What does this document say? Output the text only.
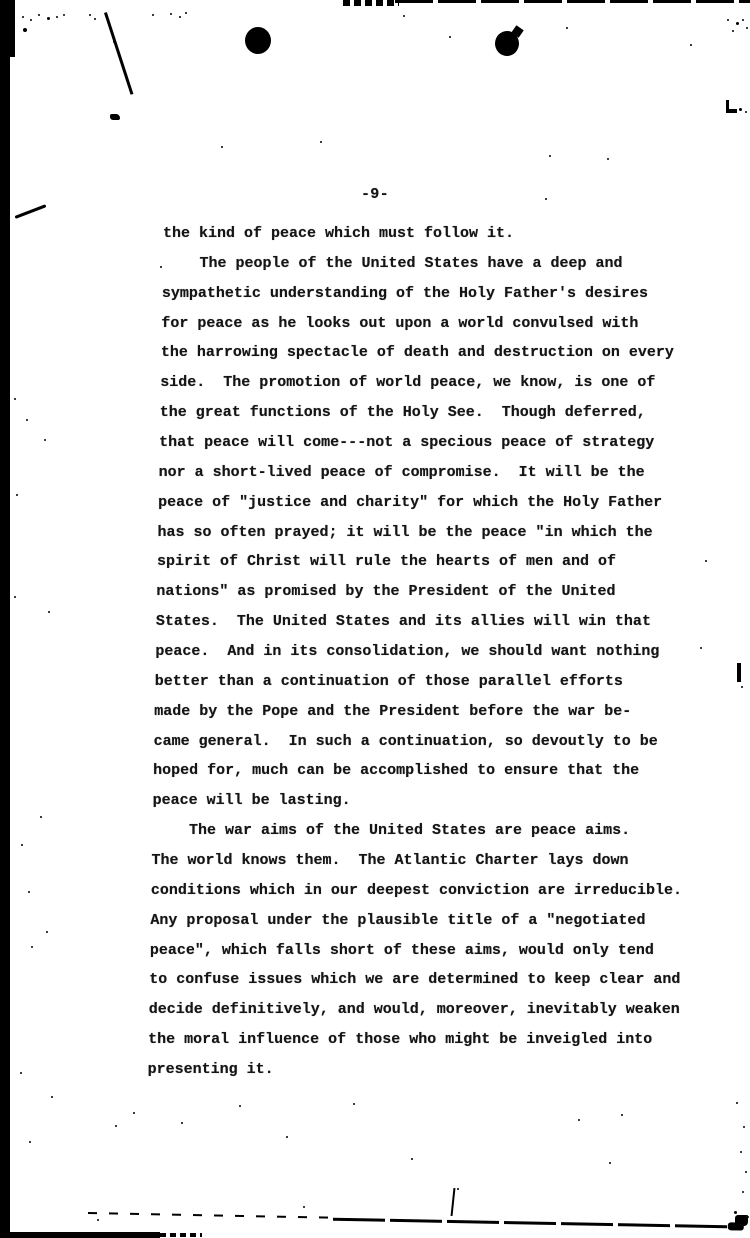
-9-
the kind of peace which must follow it.
The people of the United States have a deep and
sympathetic understanding of the Holy Father's desires
for peace as he looks out upon a world convulsed with
the harrowing spectacle of death and destruction on every
side.  The promotion of world peace, we know, is one of
the great functions of the Holy See.  Though deferred,
that peace will come---not a specious peace of strategy
nor a short-lived peace of compromise.  It will be the
peace of "justice and charity" for which the Holy Father
has so often prayed; it will be the peace "in which the
spirit of Christ will rule the hearts of men and of
nations" as promised by the President of the United
States.  The United States and its allies will win that
peace.  And in its consolidation, we should want nothing
better than a continuation of those parallel efforts
made by the Pope and the President before the war be-
came general.  In such a continuation, so devoutly to be
hoped for, much can be accomplished to ensure that the
peace will be lasting.
The war aims of the United States are peace aims.
The world knows them.  The Atlantic Charter lays down
conditions which in our deepest conviction are irreducible.
Any proposal under the plausible title of a "negotiated
peace", which falls short of these aims, would only tend
to confuse issues which we are determined to keep clear and
decide definitively, and would, moreover, inevitably weaken
the moral influence of those who might be inveigled into
presenting it.
